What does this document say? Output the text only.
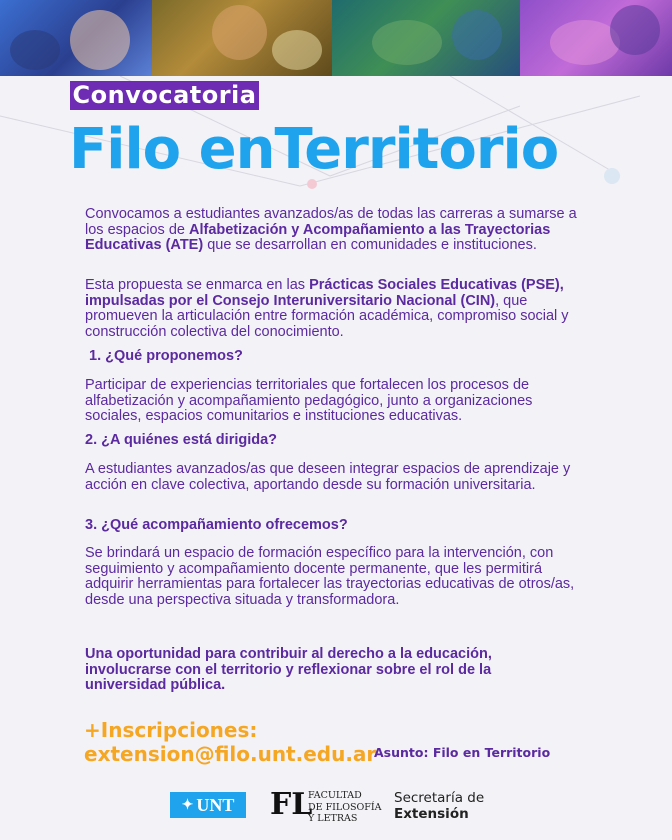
Convocatoria
Filo enTerritorio

Convocamos a estudiantes avanzados/as de todas las carreras a sumarse a los espacios de Alfabetización y Acompañamiento a las Trayectorias Educativas (ATE) que se desarrollan en comunidades e instituciones.

Esta propuesta se enmarca en las Prácticas Sociales Educativas (PSE), impulsadas por el Consejo Interuniversitario Nacional (CIN), que promueven la articulación entre formación académica, compromiso social y construcción colectiva del conocimiento.

1. ¿Qué proponemos?

Participar de experiencias territoriales que fortalecen los procesos de alfabetización y acompañamiento pedagógico, junto a organizaciones sociales, espacios comunitarios e instituciones educativas.

2. ¿A quiénes está dirigida?

A estudiantes avanzados/as que deseen integrar espacios de aprendizaje y acción en clave colectiva, aportando desde su formación universitaria.

3. ¿Qué acompañamiento ofrecemos?

Se brindará un espacio de formación específico para la intervención, con seguimiento y acompañamiento docente permanente, que les permitirá adquirir herramientas para fortalecer las trayectorias educativas de otros/as, desde una perspectiva situada y transformadora.

Una oportunidad para contribuir al derecho a la educación, involucrarse con el territorio y reflexionar sobre el rol de la universidad pública.

+Inscripciones:
extension@filo.unt.edu.ar
Asunto: Filo en Territorio
✦ UNT FL
FACULTAD
DE FILOSOFÍA
Y LETRAS
Secretaría de
Extensión
